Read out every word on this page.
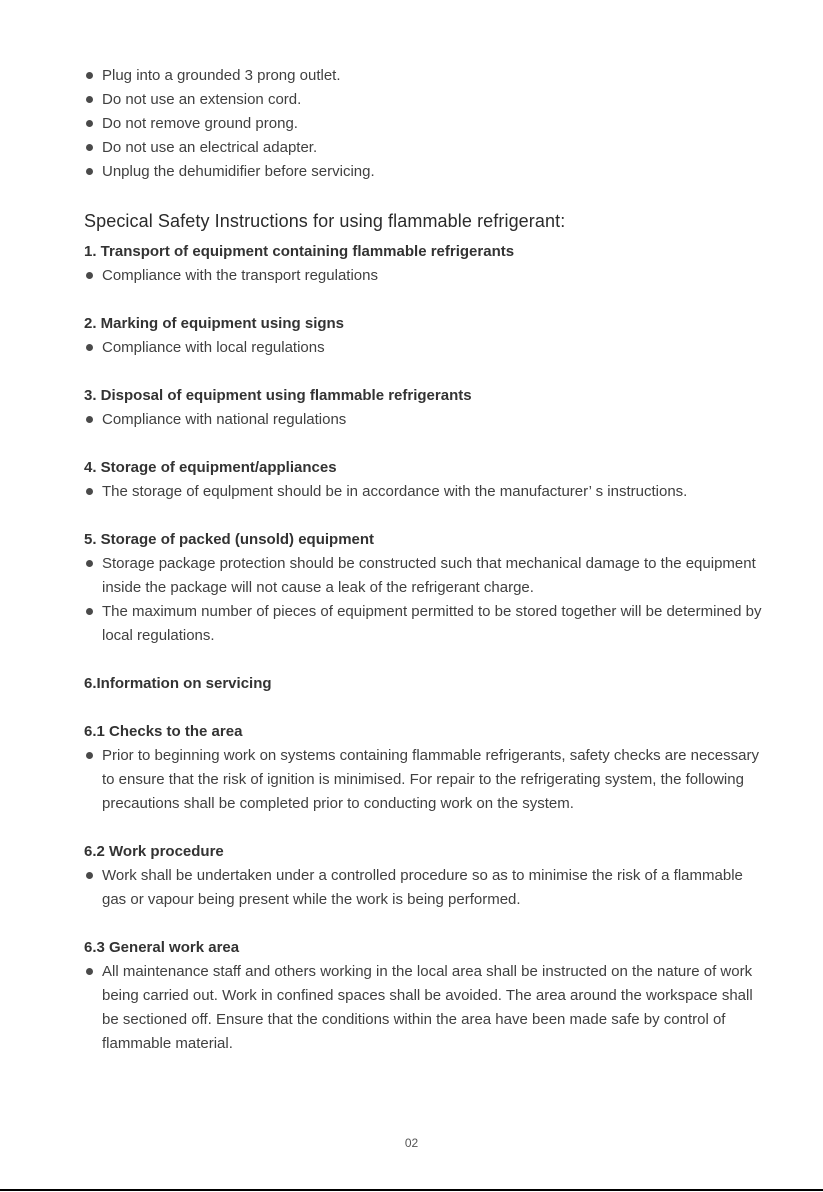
Plug into a grounded 3 prong outlet.
Do not use an extension cord.
Do not remove ground prong.
Do not use an electrical adapter.
Unplug the dehumidifier before servicing.
Specical Safety Instructions for using flammable refrigerant:
1. Transport of equipment containing flammable refrigerants
Compliance with the transport regulations
2. Marking of equipment using signs
Compliance with local regulations
3. Disposal of equipment using flammable refrigerants
Compliance with national regulations
4. Storage of equipment/appliances
The storage of equlpment should be in accordance with the manufacturer’ s instructions.
5. Storage of packed (unsold) equipment
Storage package protection should be constructed such that mechanical damage to the equipment inside the package will not cause a leak of the refrigerant charge.
The maximum number of pieces of equipment permitted to be stored together will be determined by local regulations.
6.Information on servicing
6.1 Checks to the area
Prior to beginning work on systems containing flammable refrigerants, safety checks are necessary to ensure that the risk of ignition is minimised. For repair to the refrigerating system, the following precautions shall be completed prior to conducting work on the system.
6.2 Work procedure
Work shall be undertaken under a controlled procedure so as to minimise the risk of a flammable gas or vapour being present while the work is being performed.
6.3 General work area
All maintenance staff and others working in the local area shall be instructed on the nature of work being carried out. Work in confined spaces shall be avoided. The area around the workspace shall be sectioned off. Ensure that the conditions within the area have been made safe by control of flammable material.
02
